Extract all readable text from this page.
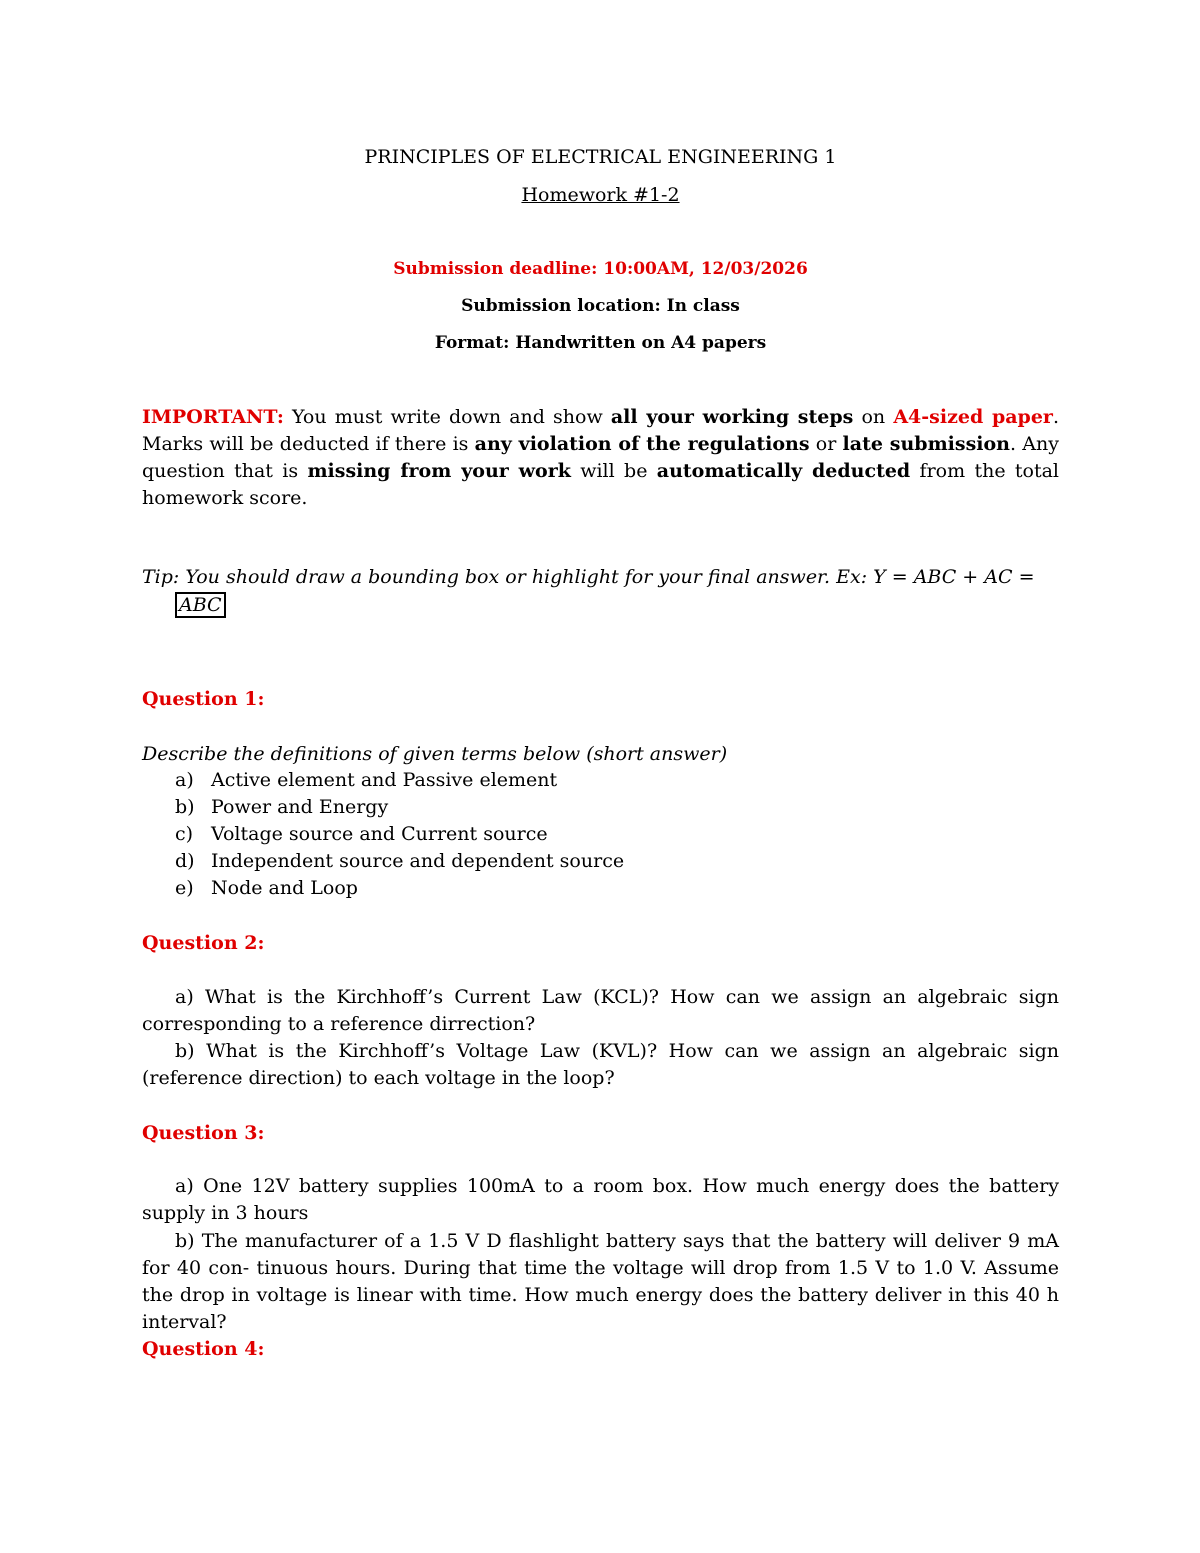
PRINCIPLES OF ELECTRICAL ENGINEERING 1
Homework #1-2
Submission deadline: 10:00AM, 12/03/2026
Submission location: In class
Format: Handwritten on A4 papers
IMPORTANT: You must write down and show all your working steps on A4-sized paper. Marks will be deducted if there is any violation of the regulations or late submission. Any question that is missing from your work will be automatically deducted from the total homework score.
Tip: You should draw a bounding box or highlight for your final answer. Ex: Y = ABC + AC =
ABC
Question 1:
Describe the definitions of given terms below (short answer)
a) Active element and Passive element
b) Power and Energy
c) Voltage source and Current source
d) Independent source and dependent source
e) Node and Loop
Question 2:
a) What is the Kirchhoff’s Current Law (KCL)? How can we assign an algebraic sign corresponding to a reference dirrection?
b) What is the Kirchhoff’s Voltage Law (KVL)? How can we assign an algebraic sign (reference direction) to each voltage in the loop?
Question 3:
a) One 12V battery supplies 100mA to a room box. How much energy does the battery supply in 3 hours
b) The manufacturer of a 1.5 V D flashlight battery says that the battery will deliver 9 mA for 40 con- tinuous hours. During that time the voltage will drop from 1.5 V to 1.0 V. Assume the drop in voltage is linear with time. How much energy does the battery deliver in this 40 h interval?
Question 4:
